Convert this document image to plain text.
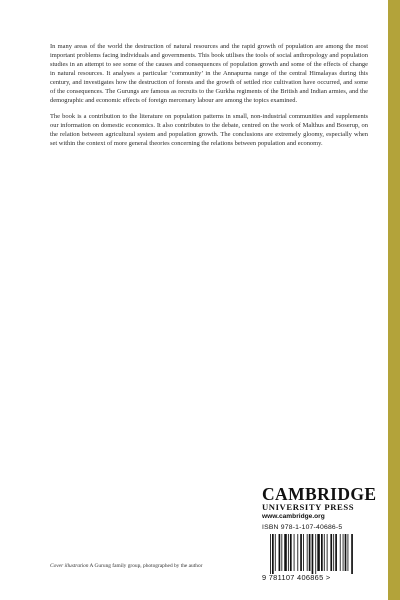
In many areas of the world the destruction of natural resources and the rapid growth of population are among the most important problems facing individuals and governments. This book utilises the tools of social anthropology and population studies in an attempt to see some of the causes and consequences of population growth and some of the effects of change in natural resources. It analyses a particular ‘community’ in the Annapurna range of the central Himalayas during this century, and investigates how the destruction of forests and the growth of settled rice cultivation have occurred, and some of the consequences. The Gurungs are famous as recruits to the Gurkha regiments of the British and Indian armies, and the demographic and economic effects of foreign mercenary labour are among the topics examined.

The book is a contribution to the literature on population patterns in small, non-industrial communities and supplements our information on domestic economics. It also contributes to the debate, centred on the work of Malthus and Boserup, on the relation between agricultural system and population growth. The conclusions are extremely gloomy, especially when set within the context of more general theories concerning the relations between population and economy.

CAMBRIDGE
UNIVERSITY PRESS
www.cambridge.org
ISBN 978-1-107-40686-5
9 781107 406865 >
Cover illustration A Gurung family group, photographed by the author
